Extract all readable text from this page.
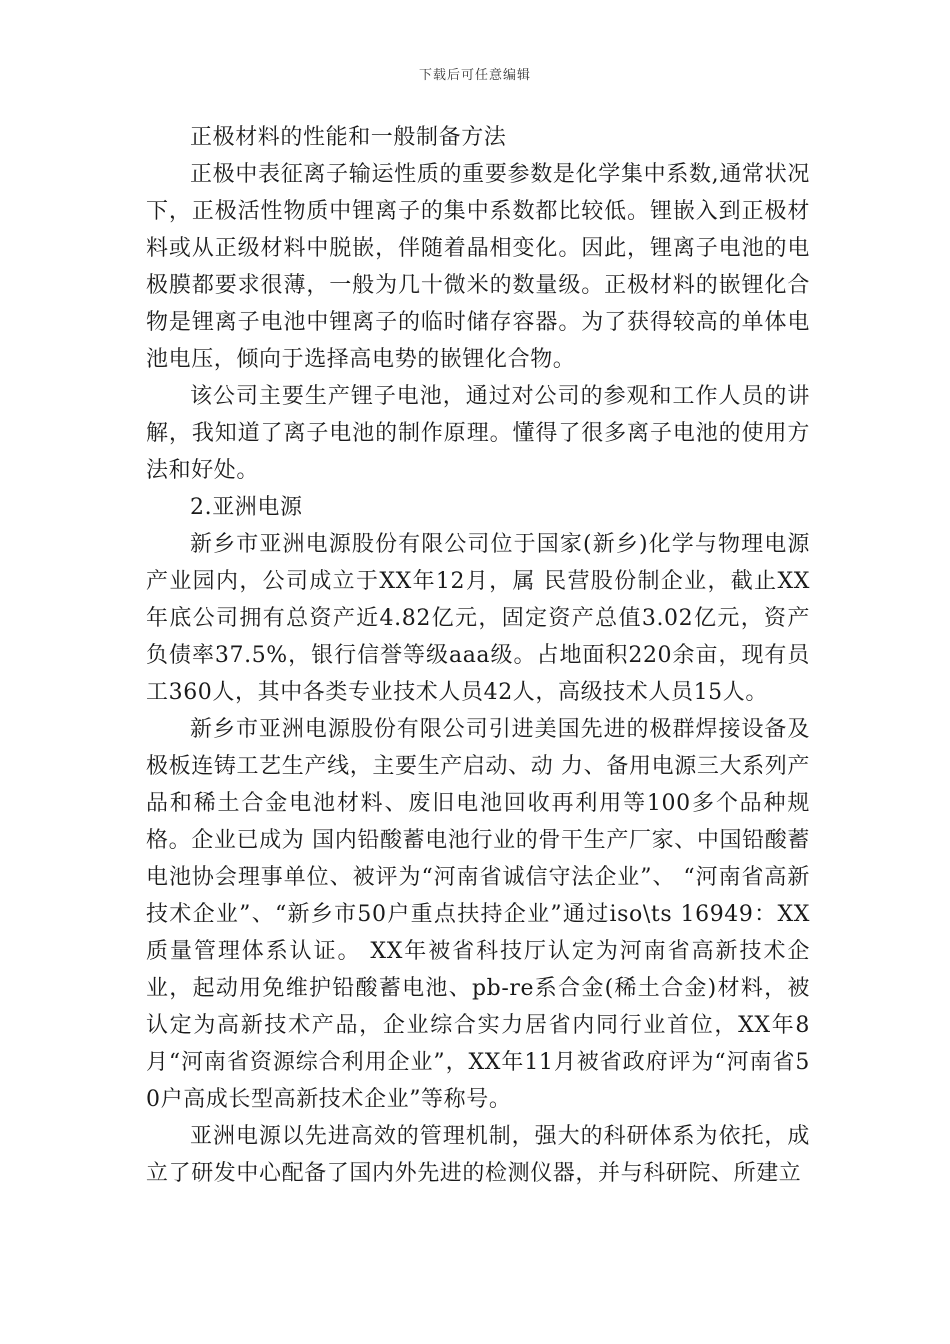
下载后可任意编辑

正极材料的性能和一般制备方法

正极中表征离子输运性质的重要参数是化学集中系数,通常状况下，正极活性物质中锂离子的集中系数都比较低。锂嵌入到正极材料或从正级材料中脱嵌，伴随着晶相变化。因此，锂离子电池的电极膜都要求很薄，一般为几十微米的数量级。正极材料的嵌锂化合物是锂离子电池中锂离子的临时储存容器。为了获得较高的单体电池电压，倾向于选择高电势的嵌锂化合物。

该公司主要生产锂子电池，通过对公司的参观和工作人员的讲解，我知道了离子电池的制作原理。懂得了很多离子电池的使用方法和好处。

2.亚洲电源

新乡市亚洲电源股份有限公司位于国家(新乡)化学与物理电源产业园内，公司成立于XX年12月，属 民营股份制企业，截止XX年底公司拥有总资产近4.82亿元，固定资产总值3.02亿元，资产负债率37.5%，银行信誉等级aaa级。占地面积220余亩，现有员工360人，其中各类专业技术人员42人，高级技术人员15人。

新乡市亚洲电源股份有限公司引进美国先进的极群焊接设备及极板连铸工艺生产线，主要生产启动、动 力、备用电源三大系列产品和稀土合金电池材料、废旧电池回收再利用等100多个品种规格。企业已成为 国内铅酸蓄电池行业的骨干生产厂家、中国铅酸蓄电池协会理事单位、被评为“河南省诚信守法企业”、 “河南省高新技术企业”、“新乡市50户重点扶持企业”通过iso\ts 16949：XX质量管理体系认证。 XX年被省科技厅认定为河南省高新技术企业，起动用免维护铅酸蓄电池、pb-re系合金(稀土合金)材料，被认定为高新技术产品，企业综合实力居省内同行业首位，XX年8月“河南省资源综合利用企业”，XX年11月被省政府评为“河南省50户高成长型高新技术企业”等称号。

亚洲电源以先进高效的管理机制，强大的科研体系为依托，成立了研发中心配备了国内外先进的检测仪器，并与科研院、所建立
